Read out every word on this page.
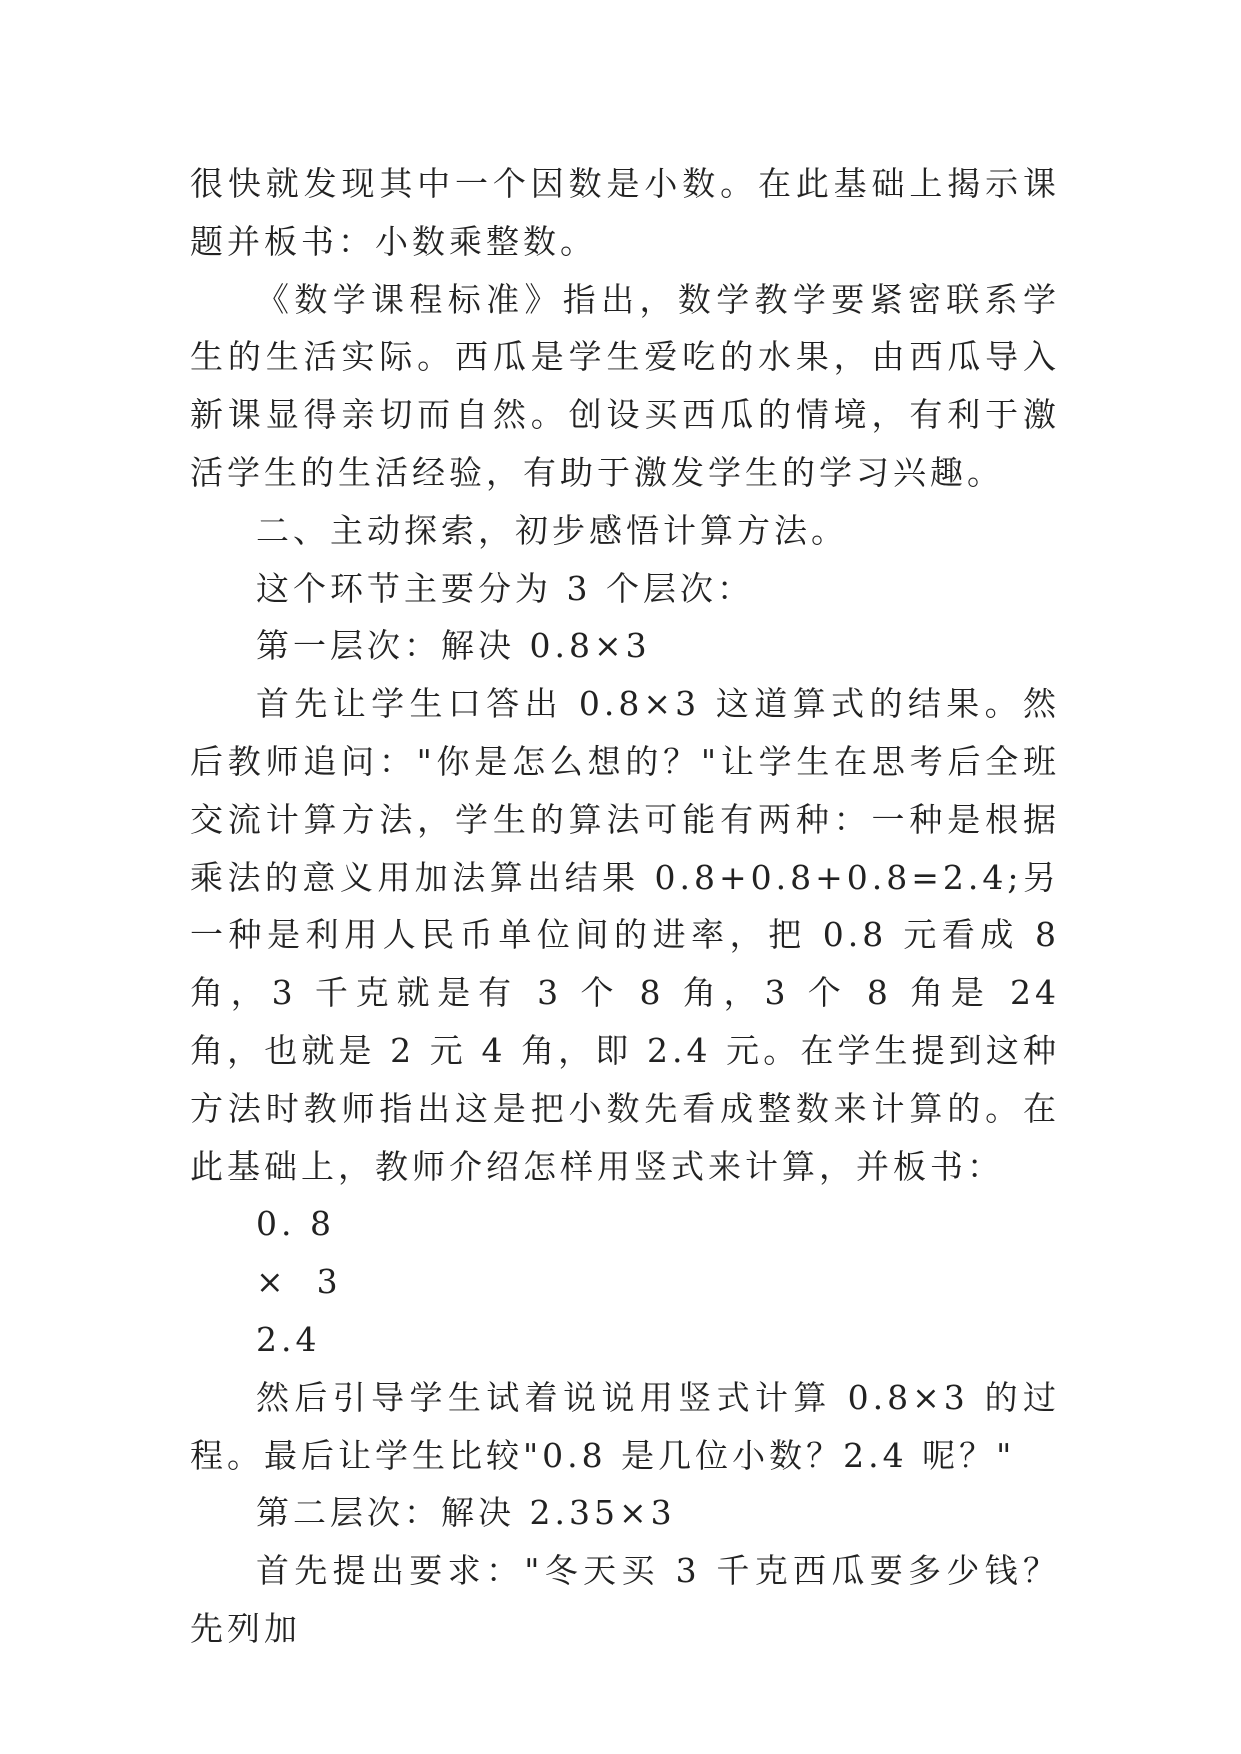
很快就发现其中一个因数是小数。在此基础上揭示课题并板书：小数乘整数。

《数学课程标准》指出，数学教学要紧密联系学生的生活实际。西瓜是学生爱吃的水果，由西瓜导入新课显得亲切而自然。创设买西瓜的情境，有利于激活学生的生活经验，有助于激发学生的学习兴趣。

二、主动探索，初步感悟计算方法。

这个环节主要分为 3 个层次：

第一层次：解决 0.8×3

首先让学生口答出 0.8×3 这道算式的结果。然后教师追问："你是怎么想的？"让学生在思考后全班交流计算方法，学生的算法可能有两种：一种是根据乘法的意义用加法算出结果 0.8+0.8+0.8=2.4;另一种是利用人民币单位间的进率，把 0.8 元看成 8 角，3 千克就是有 3 个 8 角，3 个 8 角是 24 角，也就是 2 元 4 角，即 2.4 元。在学生提到这种方法时教师指出这是把小数先看成整数来计算的。在此基础上，教师介绍怎样用竖式来计算，并板书：

0. 8

×  3

2.4

然后引导学生试着说说用竖式计算 0.8×3 的过程。最后让学生比较"0.8 是几位小数？2.4 呢？"

第二层次：解决 2.35×3

首先提出要求："冬天买 3 千克西瓜要多少钱？先列加
